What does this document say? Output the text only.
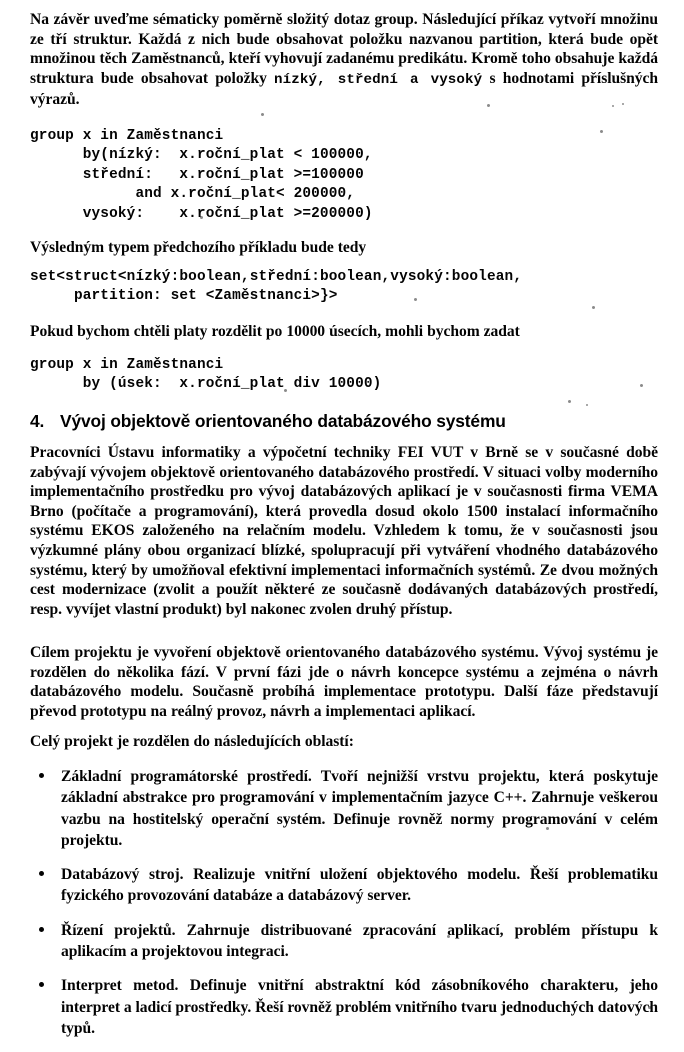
Na závěr uveďme sématicky poměrně složitý dotaz group. Následující příkaz vytvoří množinu ze tří struktur. Každá z nich bude obsahovat položku nazvanou partition, která bude opět množinou těch Zaměstnanců, kteří vyhovují zadanému predikátu. Kromě toho obsahuje každá struktura bude obsahovat položky nízký, střední a vysoký s hodnotami příslušných výrazů.

group x in Zaměstnanci
by(nízký:  x.roční_plat < 100000,
střední:   x.roční_plat >=100000
and x.roční_plat< 200000,
vysoký:    x.roční_plat >=200000)

Výsledným typem předchozího příkladu bude tedy

set<struct<nízký:boolean,střední:boolean,vysoký:boolean,
partition: set <Zaměstnanci>}>

Pokud bychom chtěli platy rozdělit po 10000 úsecích, mohli bychom zadat

group x in Zaměstnanci
by (úsek:  x.roční_plat div 10000)
4. Vývoj objektově orientovaného databázového systému

Pracovníci Ústavu informatiky a výpočetní techniky FEI VUT v Brně se v současné době zabývají vývojem objektově orientovaného databázového prostředí. V situaci volby moderního implementačního prostředku pro vývoj databázových aplikací je v současnosti firma VEMA Brno (počítače a programování), která provedla dosud okolo 1500 instalací informačního systému EKOS založeného na relačním modelu. Vzhledem k tomu, že v současnosti jsou výzkumné plány obou organizací blízké, spolupracují při vytváření vhodného databázového systému, který by umožňoval efektivní implementaci informačních systémů. Ze dvou možných cest modernizace (zvolit a použít některé ze současně dodávaných databázových prostředí, resp. vyvíjet vlastní produkt) byl nakonec zvolen druhý přístup.

Cílem projektu je vyvoření objektově orientovaného databázového systému. Vývoj systému je rozdělen do několika fází. V první fázi jde o návrh koncepce systému a zejména o návrh databázového modelu. Současně probíhá implementace prototypu. Další fáze představují převod prototypu na reálný provoz, návrh a implementaci aplikací.

Celý projekt je rozdělen do následujících oblastí:

Základní programátorské prostředí. Tvoří nejnižší vrstvu projektu, která poskytuje základní abstrakce pro programování v implementačním jazyce C++. Zahrnuje veškerou vazbu na hostitelský operační systém. Definuje rovněž normy programování v celém projektu.
Databázový stroj. Realizuje vnitřní uložení objektového modelu. Řeší problematiku fyzického provozování databáze a databázový server.
Řízení projektů. Zahrnuje distribuované zpracování aplikací, problém přístupu k aplikacím a projektovou integraci.
Interpret metod. Definuje vnitřní abstraktní kód zásobníkového charakteru, jeho interpret a ladicí prostředky. Řeší rovněž problém vnitřního tvaru jednoduchých datových typů.
